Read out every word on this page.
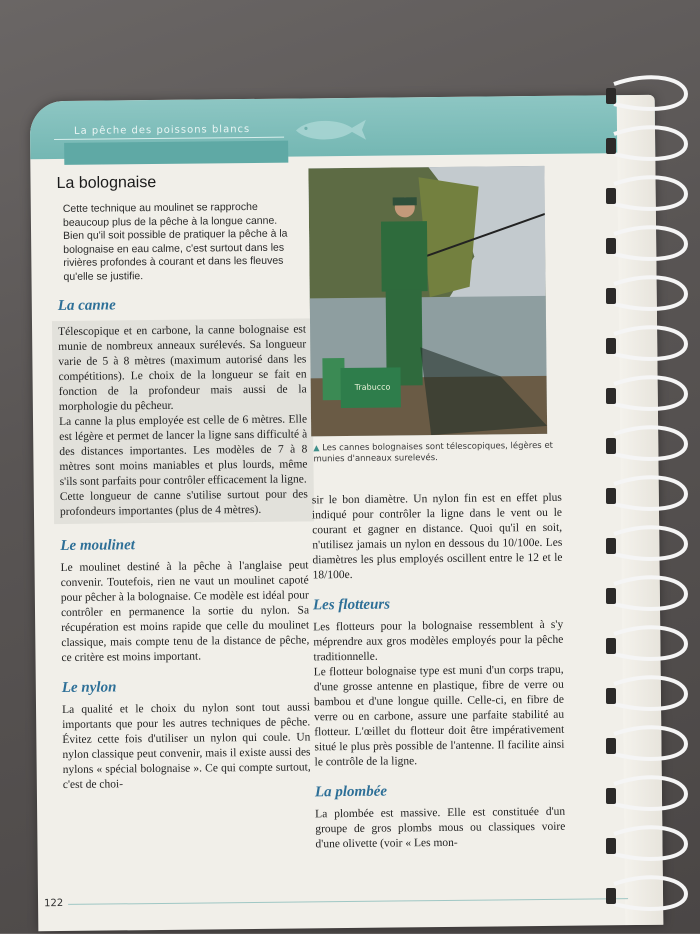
La pêche des poissons blancs
La bolognaise
Cette technique au moulinet se rapproche beaucoup plus de la pêche à la longue canne. Bien qu'il soit possible de pratiquer la pêche à la bolognaise en eau calme, c'est surtout dans les rivières profondes à courant et dans les fleuves qu'elle se justifie.
La canne

Télescopique et en carbone, la canne bolognaise est munie de nombreux anneaux surélevés. Sa longueur varie de 5 à 8 mètres (maximum autorisé dans les compétitions). Le choix de la longueur se fait en fonction de la profondeur mais aussi de la morphologie du pêcheur.

La canne la plus employée est celle de 6 mètres. Elle est légère et permet de lancer la ligne sans difficulté à des distances importantes. Les modèles de 7 à 8 mètres sont moins maniables et plus lourds, même s'ils sont parfaits pour contrôler efficacement la ligne.

Cette longueur de canne s'utilise surtout pour des profondeurs importantes (plus de 4 mètres).

Le moulinet

Le moulinet destiné à la pêche à l'anglaise peut convenir. Toutefois, rien ne vaut un moulinet capoté pour pêcher à la bolognaise. Ce modèle est idéal pour contrôler en permanence la sortie du nylon. Sa récupération est moins rapide que celle du moulinet classique, mais compte tenu de la distance de pêche, ce critère est moins important.

Le nylon

La qualité et le choix du nylon sont tout aussi importants que pour les autres techniques de pêche. Évitez cette fois d'utiliser un nylon qui coule. Un nylon classique peut convenir, mais il existe aussi des nylons « spécial bolognaise ». Ce qui compte surtout, c'est de choi-

Trabucco
▲ Les cannes bolognaises sont télescopiques, légères et munies d'anneaux surelevés.

sir le bon diamètre. Un nylon fin est en effet plus indiqué pour contrôler la ligne dans le vent ou le courant et gagner en distance. Quoi qu'il en soit, n'utilisez jamais un nylon en dessous du 10/100e. Les diamètres les plus employés oscillent entre le 12 et le 18/100e.

Les flotteurs

Les flotteurs pour la bolognaise ressemblent à s'y méprendre aux gros modèles employés pour la pêche traditionnelle.

Le flotteur bolognaise type est muni d'un corps trapu, d'une grosse antenne en plastique, fibre de verre ou bambou et d'une longue quille. Celle-ci, en fibre de verre ou en carbone, assure une parfaite stabilité au flotteur. L'œillet du flotteur doit être impérativement situé le plus près possible de l'antenne. Il facilite ainsi le contrôle de la ligne.

La plombée

La plombée est massive. Elle est constituée d'un groupe de gros plombs mous ou classiques voire d'une olivette (voir « Les mon-

122
